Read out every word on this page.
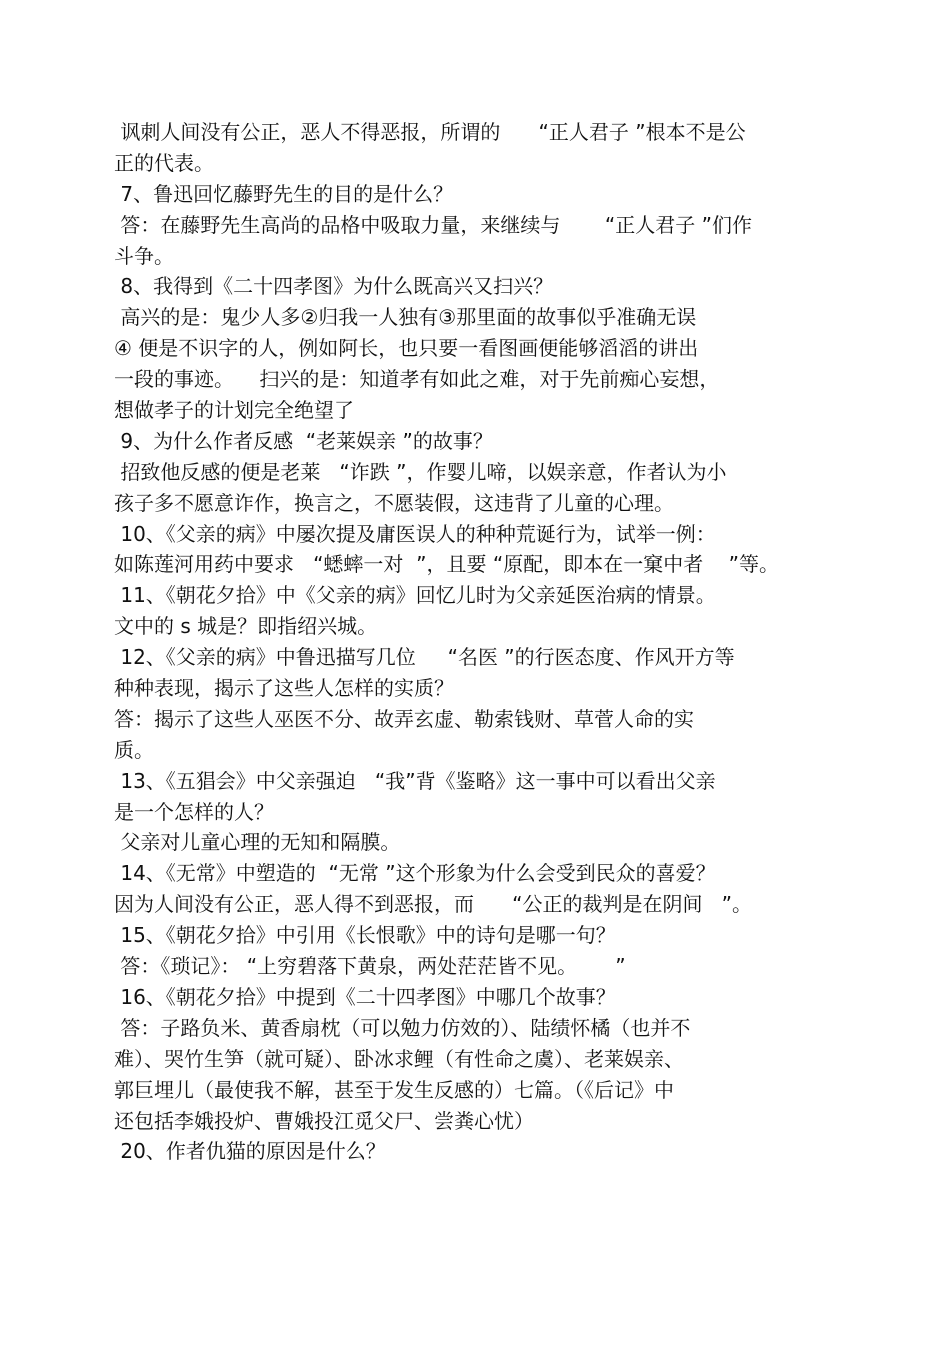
讽刺人间没有公正，恶人不得恶报，所谓的      “正人君子 ”根本不是公
正的代表。
7、鲁迅回忆藤野先生的目的是什么？
答：在藤野先生高尚的品格中吸取力量，来继续与       “正人君子 ”们作
斗争。
8、我得到《二十四孝图》为什么既高兴又扫兴？
高兴的是：鬼少人多②归我一人独有③那里面的故事似乎准确无误
④ 便是不识字的人，例如阿长，也只要一看图画便能够滔滔的讲出
一段的事迹。    扫兴的是：知道孝有如此之难，对于先前痴心妄想，
想做孝子的计划完全绝望了
9、为什么作者反感  “老莱娱亲 ”的故事？
招致他反感的便是老莱   “诈跌 ”，作婴儿啼，以娱亲意，作者认为小
孩子多不愿意诈作，换言之，不愿装假，这违背了儿童的心理。
10、《父亲的病》中屡次提及庸医误人的种种荒诞行为，试举一例：
如陈莲河用药中要求   “蟋蟀一对  ”，且要 “原配，即本在一窠中者    ”等。
11、《朝花夕拾》中《父亲的病》回忆儿时为父亲延医治病的情景。
文中的 s 城是？即指绍兴城。
12、《父亲的病》中鲁迅描写几位     “名医 ”的行医态度、作风开方等
种种表现，揭示了这些人怎样的实质？
答：揭示了这些人巫医不分、故弄玄虚、勒索钱财、草菅人命的实
质。
13、《五猖会》中父亲强迫   “我”背《鉴略》这一事中可以看出父亲
是一个怎样的人？
父亲对儿童心理的无知和隔膜。
14、《无常》中塑造的  “无常 ”这个形象为什么会受到民众的喜爱？
因为人间没有公正，恶人得不到恶报，而      “公正的裁判是在阴间   ”。
15、《朝花夕拾》中引用《长恨歌》中的诗句是哪一句？
答：《琐记》： “上穷碧落下黄泉，两处茫茫皆不见。      ”
16、《朝花夕拾》中提到《二十四孝图》中哪几个故事？
答：子路负米、黄香扇枕（可以勉力仿效的）、陆绩怀橘（也并不
难）、哭竹生笋（就可疑）、卧冰求鲤（有性命之虞）、老莱娱亲、
郭巨埋儿（最使我不解，甚至于发生反感的）七篇。（《后记》中
还包括李娥投炉、曹娥投江觅父尸、尝粪心忧）
20、作者仇猫的原因是什么？
